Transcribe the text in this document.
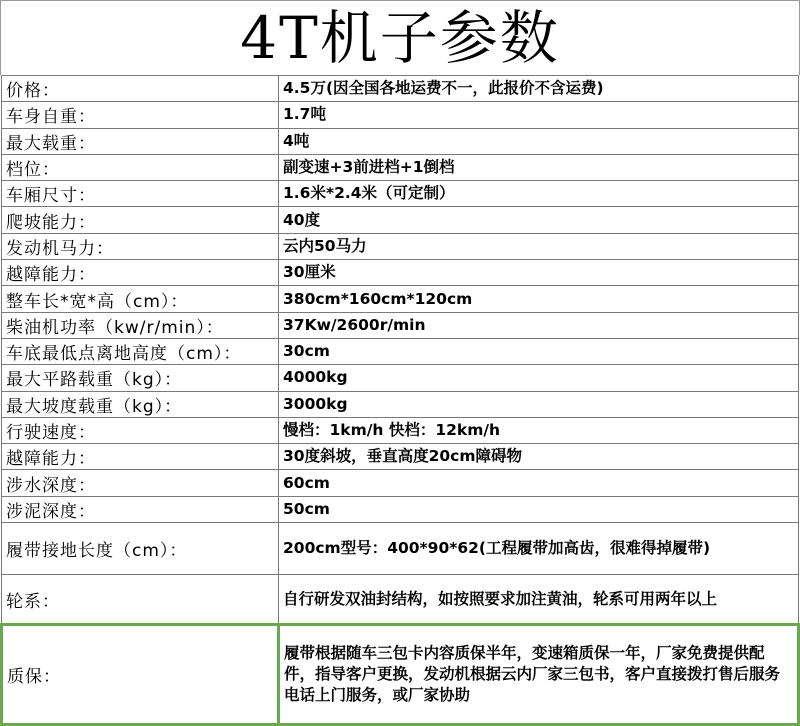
4T机子参数
价格：	4.5万(因全国各地运费不一，此报价不含运费)
车身自重：	1.7吨
最大载重：	4吨
档位：	副变速+3前进档+1倒档
车厢尺寸：	1.6米*2.4米（可定制）
爬坡能力：	40度
发动机马力：	云内50马力
越障能力：	30厘米
整车长*宽*高（cm）：	380cm*160cm*120cm
柴油机功率（kw/r/min）：	37Kw/2600r/min
车底最低点离地高度（cm）：	30cm
最大平路载重（kg）：	4000kg
最大坡度载重（kg）：	3000kg
行驶速度：	慢档：1km/h 快档：12km/h
越障能力：	30度斜坡，垂直高度20cm障碍物
涉水深度：	60cm
涉泥深度：	50cm
履带接地长度（cm）：	200cm型号：400*90*62(工程履带加高齿，很难得掉履带)
轮系：	自行研发双油封结构，如按照要求加注黄油，轮系可用两年以上
质保：	履带根据随车三包卡内容质保半年，变速箱质保一年，厂家免费提供配件，指导客户更换，发动机根据云内厂家三包书，客户直接拨打售后服务电话上门服务，或厂家协助
